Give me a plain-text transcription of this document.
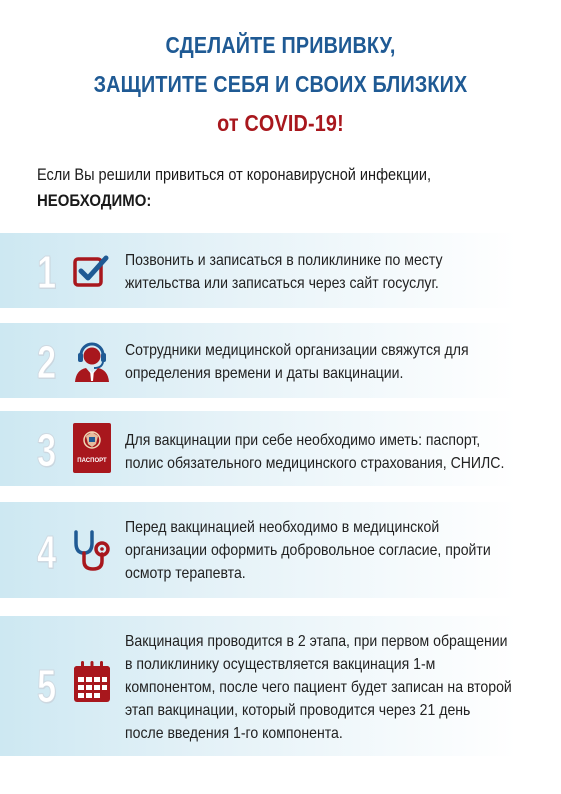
СДЕЛАЙТЕ ПРИВИВКУ,
ЗАЩИТИТЕ СЕБЯ И СВОИХ БЛИЗКИХ
от COVID-19!
Если Вы решили привиться от коронавирусной инфекции,
НЕОБХОДИМО:
1	Позвонить и записаться в поликлинике по месту
жительства или записаться через сайт госуслуг.
2	Сотрудники медицинской организации свяжутся для
определения времени и даты вакцинации.
3	ПАСПОРТ
Для вакцинации при себе необходимо иметь: паспорт,
полис обязательного медицинского страхования, СНИЛС.
4	Перед вакцинацией необходимо в медицинской
организации оформить добровольное согласие, пройти
осмотр терапевта.
5
Вакцинация проводится в 2 этапа, при первом обращении
в поликлинику осуществляется вакцинация 1-м
компонентом, после чего пациент будет записан на второй
этап вакцинации, который проводится через 21 день
после введения 1-го компонента.
